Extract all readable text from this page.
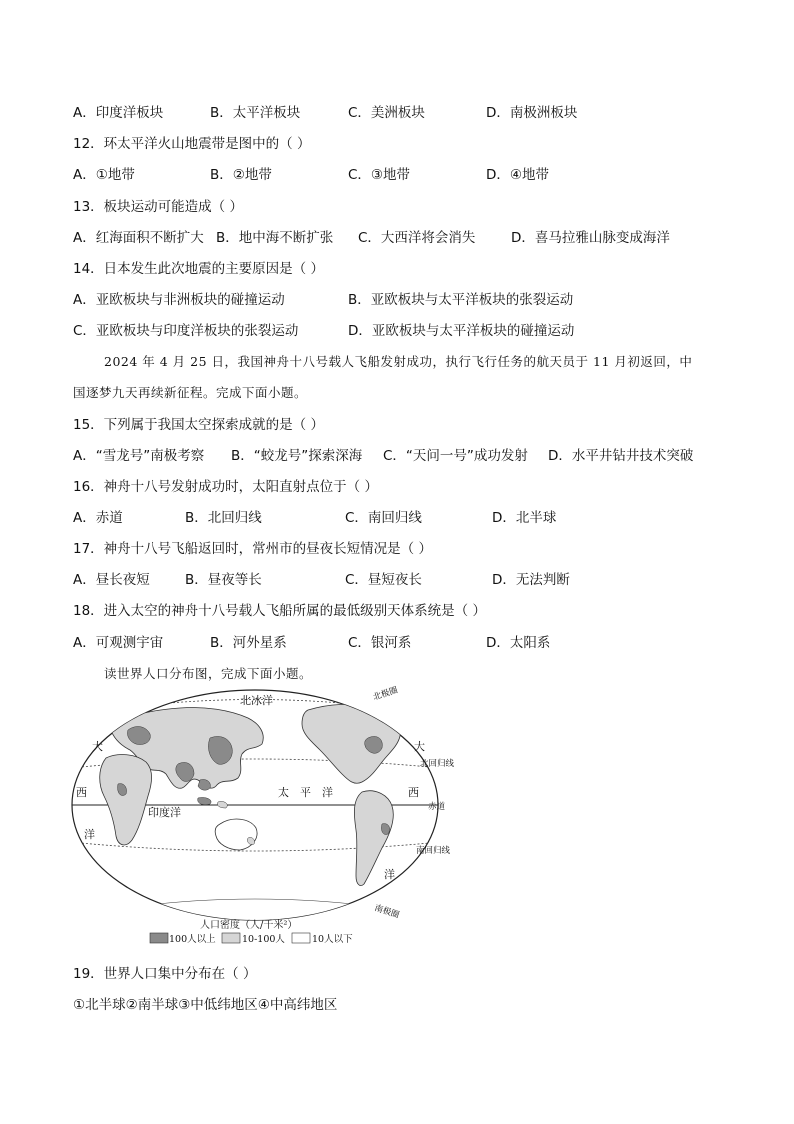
A．印度洋板块	B．太平洋板块	C．美洲板块	D．南极洲板块
12．环太平洋火山地震带是图中的（ ）
A．①地带	B．②地带	C．③地带	D．④地带
13．板块运动可能造成（ ）
A．红海面积不断扩大 B．地中海不断扩张 C．大西洋将会消失	D．喜马拉雅山脉变成海洋
14．日本发生此次地震的主要原因是（ ）
A．亚欧板块与非洲板块的碰撞运动	B．亚欧板块与太平洋板块的张裂运动
C．亚欧板块与印度洋板块的张裂运动	D．亚欧板块与太平洋板块的碰撞运动
2024 年 4 月 25 日，我国神舟十八号载人飞船发射成功，执行飞行任务的航天员于 11 月初返回，中
国逐梦九天再续新征程。完成下面小题。
15．下列属于我国太空探索成就的是（ ）
A．“雪龙号”南极考察 B．“蛟龙号”探索深海 C．“天问一号”成功发射 D．水平井钻井技术突破
16．神舟十八号发射成功时，太阳直射点位于（ ）
A．赤道	B．北回归线	C．南回归线	D．北半球
17．神舟十八号飞船返回时，常州市的昼夜长短情况是（ ）
A．昼长夜短	B．昼夜等长	C．昼短夜长	D．无法判断
18．进入太空的神舟十八号载人飞船所属的最低级别天体系统是（ ）
A．可观测宇宙	B．河外星系	C．银河系	D．太阳系
读世界人口分布图，完成下面小题。
北冰洋	北极圈
北回归线
赤道
南回归线
南极圈
太　平　洋
印度洋
大
西
洋
大
西
洋
人口密度（人/千米²）
100人以上	10-100人	10人以下
19．世界人口集中分布在（ ）
①北半球②南半球③中低纬地区④中高纬地区
